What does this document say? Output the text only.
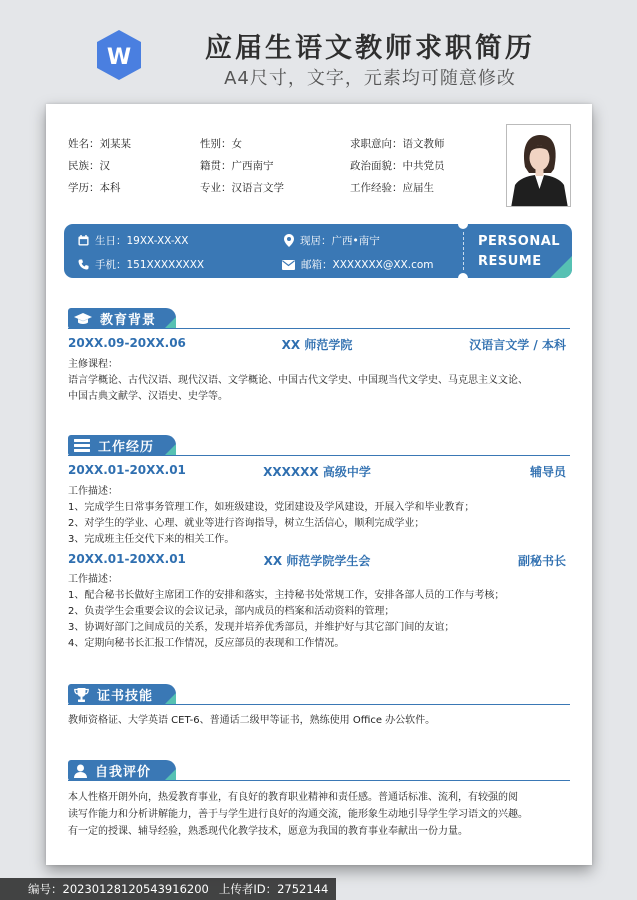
W	应届生语文教师求职简历
A4尺寸，文字，元素均可随意修改
姓名：刘某某	性别：女	求职意向：语文教师
民族：汉	籍贯：广西南宁	政治面貌：中共党员
学历：本科	专业：汉语言文学	工作经验：应届生
生日：19XX-XX-XX
手机：151XXXXXXXX
现居：广西•南宁
邮箱：XXXXXXX@XX.com
PERSONAL
RESUME
教育背景
20XX.09-20XX.06	XX 师范学院	汉语言文学 / 本科
主修课程：
语言学概论、古代汉语、现代汉语、文学概论、中国古代文学史、中国现当代文学史、马克思主义文论、
中国古典文献学、汉语史、史学等。
工作经历
20XX.01-20XX.01	XXXXXX 高级中学	辅导员
工作描述：
1、完成学生日常事务管理工作，如班级建设，党团建设及学风建设，开展入学和毕业教育；
2、对学生的学业、心理、就业等进行咨询指导，树立生活信心，顺利完成学业；
3、完成班主任交代下来的相关工作。
20XX.01-20XX.01	XX 师范学院学生会	副秘书长
工作描述：
1、配合秘书长做好主席团工作的安排和落实，主持秘书处常规工作，安排各部人员的工作与考核；
2、负责学生会重要会议的会议记录，部内成员的档案和活动资料的管理；
3、协调好部门之间成员的关系，发现并培养优秀部员，并维护好与其它部门间的友谊；
4、定期向秘书长汇报工作情况，反应部员的表现和工作情况。
证书技能
教师资格证、大学英语 CET-6、普通话二级甲等证书，熟练使用 Office 办公软件。
自我评价
本人性格开朗外向，热爱教育事业，有良好的教育职业精神和责任感。普通话标准、流利，有较强的阅
读写作能力和分析讲解能力，善于与学生进行良好的沟通交流，能形象生动地引导学生学习语文的兴趣。
有一定的授课、辅导经验，熟悉现代化教学技术，愿意为我国的教育事业奉献出一份力量。
编号：20230128120543916200 上传者ID：2752144
